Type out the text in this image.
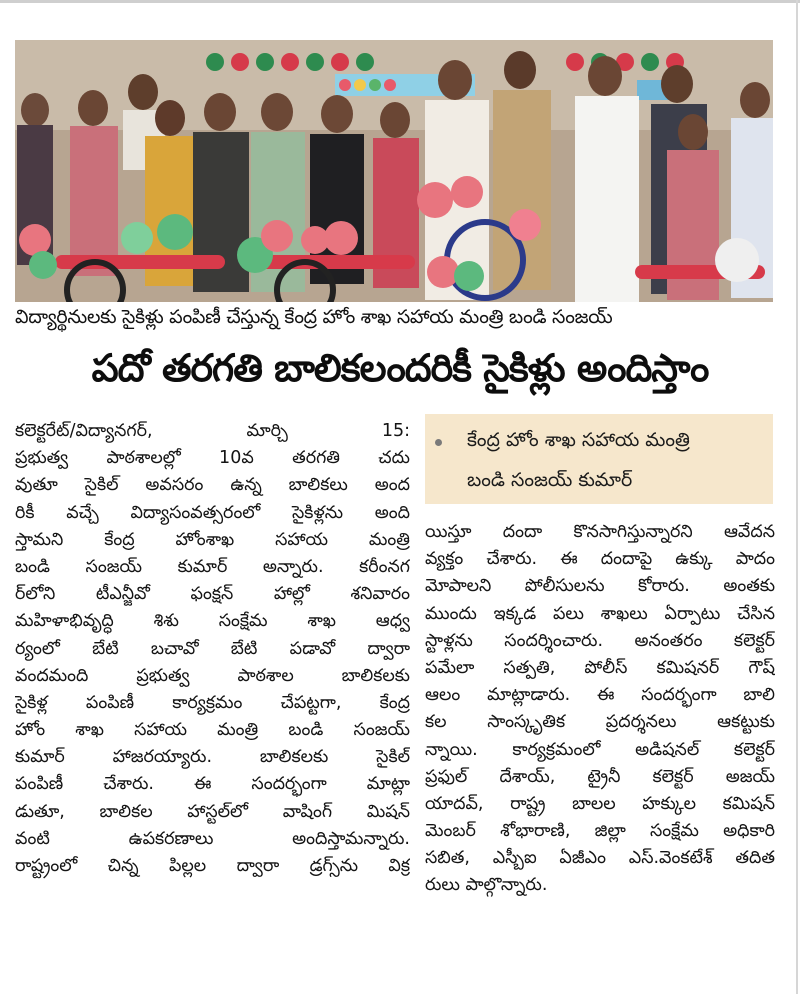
విద్యార్థినులకు సైకిళ్లు పంపిణీ చేస్తున్న కేంద్ర హోం శాఖ సహాయ మంత్రి బండి సంజయ్
పదో తరగతి బాలికలందరికీ సైకిళ్లు అందిస్తాం
కేంద్ర హోం శాఖ సహాయ మంత్రి
బండి సంజయ్ కుమార్
కలెక్టరేట్/విద్యానగర్, మార్చి 15:
ప్రభుత్వ పాఠశాలల్లో 10వ తరగతి చదు
వుతూ సైకిల్ అవసరం ఉన్న బాలికలు అంద
రికీ వచ్చే విద్యాసంవత్సరంలో సైకిళ్లను అంది
స్తామని కేంద్ర హోంశాఖ సహాయ మంత్రి
బండి సంజయ్ కుమార్ అన్నారు. కరీంనగ
ర్‌లోని టీఎన్జీవో ఫంక్షన్ హాల్లో శనివారం
మహిళాభివృద్ధి శిశు సంక్షేమ శాఖ ఆధ్వ
ర్యంలో బేటి బచావో బేటి పడావో ద్వారా
వందమంది ప్రభుత్వ పాఠశాల బాలికలకు
సైకిళ్ల పంపిణీ కార్యక్రమం చేపట్టగా, కేంద్ర
హోం శాఖ సహాయ మంత్రి బండి సంజయ్
కుమార్ హాజరయ్యారు. బాలికలకు సైకిల్
పంపిణీ చేశారు. ఈ సందర్భంగా మాట్లా
డుతూ, బాలికల హాస్టల్‌లో వాషింగ్ మిషన్
వంటి ఉపకరణాలు అందిస్తామన్నారు.
రాష్ట్రంలో చిన్న పిల్లల ద్వారా డ్రగ్స్‌ను విక్ర
యిస్తూ దందా కొనసాగిస్తున్నారని ఆవేదన
వ్యక్తం చేశారు. ఈ దందాపై ఉక్కు పాదం
మోపాలని పోలీసులను కోరారు. అంతకు
ముందు ఇక్కడ పలు శాఖలు ఏర్పాటు చేసిన
స్టాళ్లను సందర్శించారు. అనంతరం కలెక్టర్
పమేలా సత్పతి, పోలీస్ కమిషనర్ గౌష్
ఆలం మాట్లాడారు. ఈ సందర్భంగా బాలి
కల సాంస్కృతిక ప్రదర్శనలు ఆకట్టుకు
న్నాయి. కార్యక్రమంలో అడిషనల్ కలెక్టర్
ప్రఫుల్ దేశాయ్, ట్రైనీ కలెక్టర్ అజయ్
యాదవ్, రాష్ట్ర బాలల హక్కుల కమిషన్
మెంబర్ శోభారాణి, జిల్లా సంక్షేమ అధికారి
సబిత, ఎస్బీఐ ఏజీఎం ఎస్.వెంకటేశ్ తదిత
రులు పాల్గొన్నారు.
